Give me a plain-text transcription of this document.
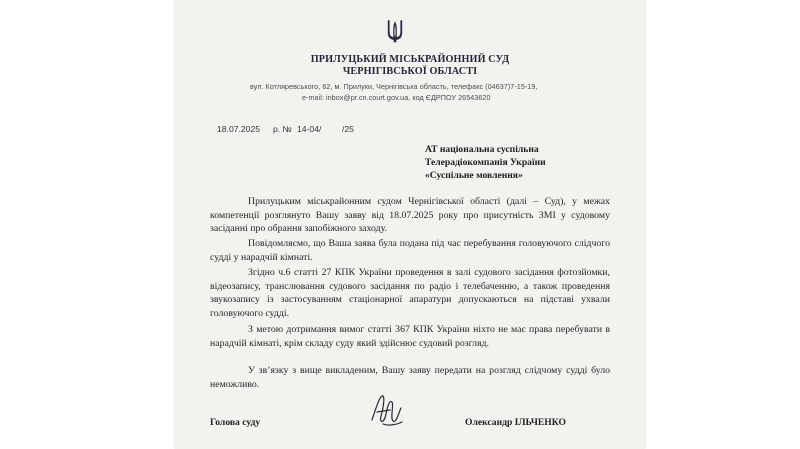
ПРИЛУЦЬКИЙ МІСЬКРАЙОННИЙ СУД
ЧЕРНІГІВСЬКОЇ ОБЛАСТІ
вул. Котляревського, 62, м. Прилуки, Чернігівська область, телефакс (04637)7-15-19,
e-mail: inbox@pr.cn.court.gov.ua, код ЄДРПОУ 26543620
18.07.2025 р. № 14-04/ /25
АТ національна суспільна
Телерадіокомпанія України
«Суспільне мовлення»
Прилуцьким міськрайонним судом Чернігівської області (далі – Суд), у межах компетенції розглянуто Вашу заяву від 18.07.2025 року про присутність ЗМІ у судовому засіданні про обрання запобіжного заходу.
Повідомляємо, що Ваша заява була подана під час перебування головуючого слідчого судді у нарадчій кімнаті.
Згідно ч.6 статті 27 КПК України проведення в залі судового засідання фотозйомки, відеозапису, транслювання судового засідання по радіо і телебаченню, а також проведення звукозапису із застосуванням стаціонарної апаратури допускаються на підставі ухвали головуючого судді.
З метою дотримання вимог статті 367 КПК України ніхто не має права перебувати в нарадчій кімнаті, крім складу суду який здійснює судовий розгляд.
У зв’язку з вище викладеним, Вашу заяву передати на розгляд слідчому судді було неможливо.
Голова суду	Олександр ІЛЬЧЕНКО
